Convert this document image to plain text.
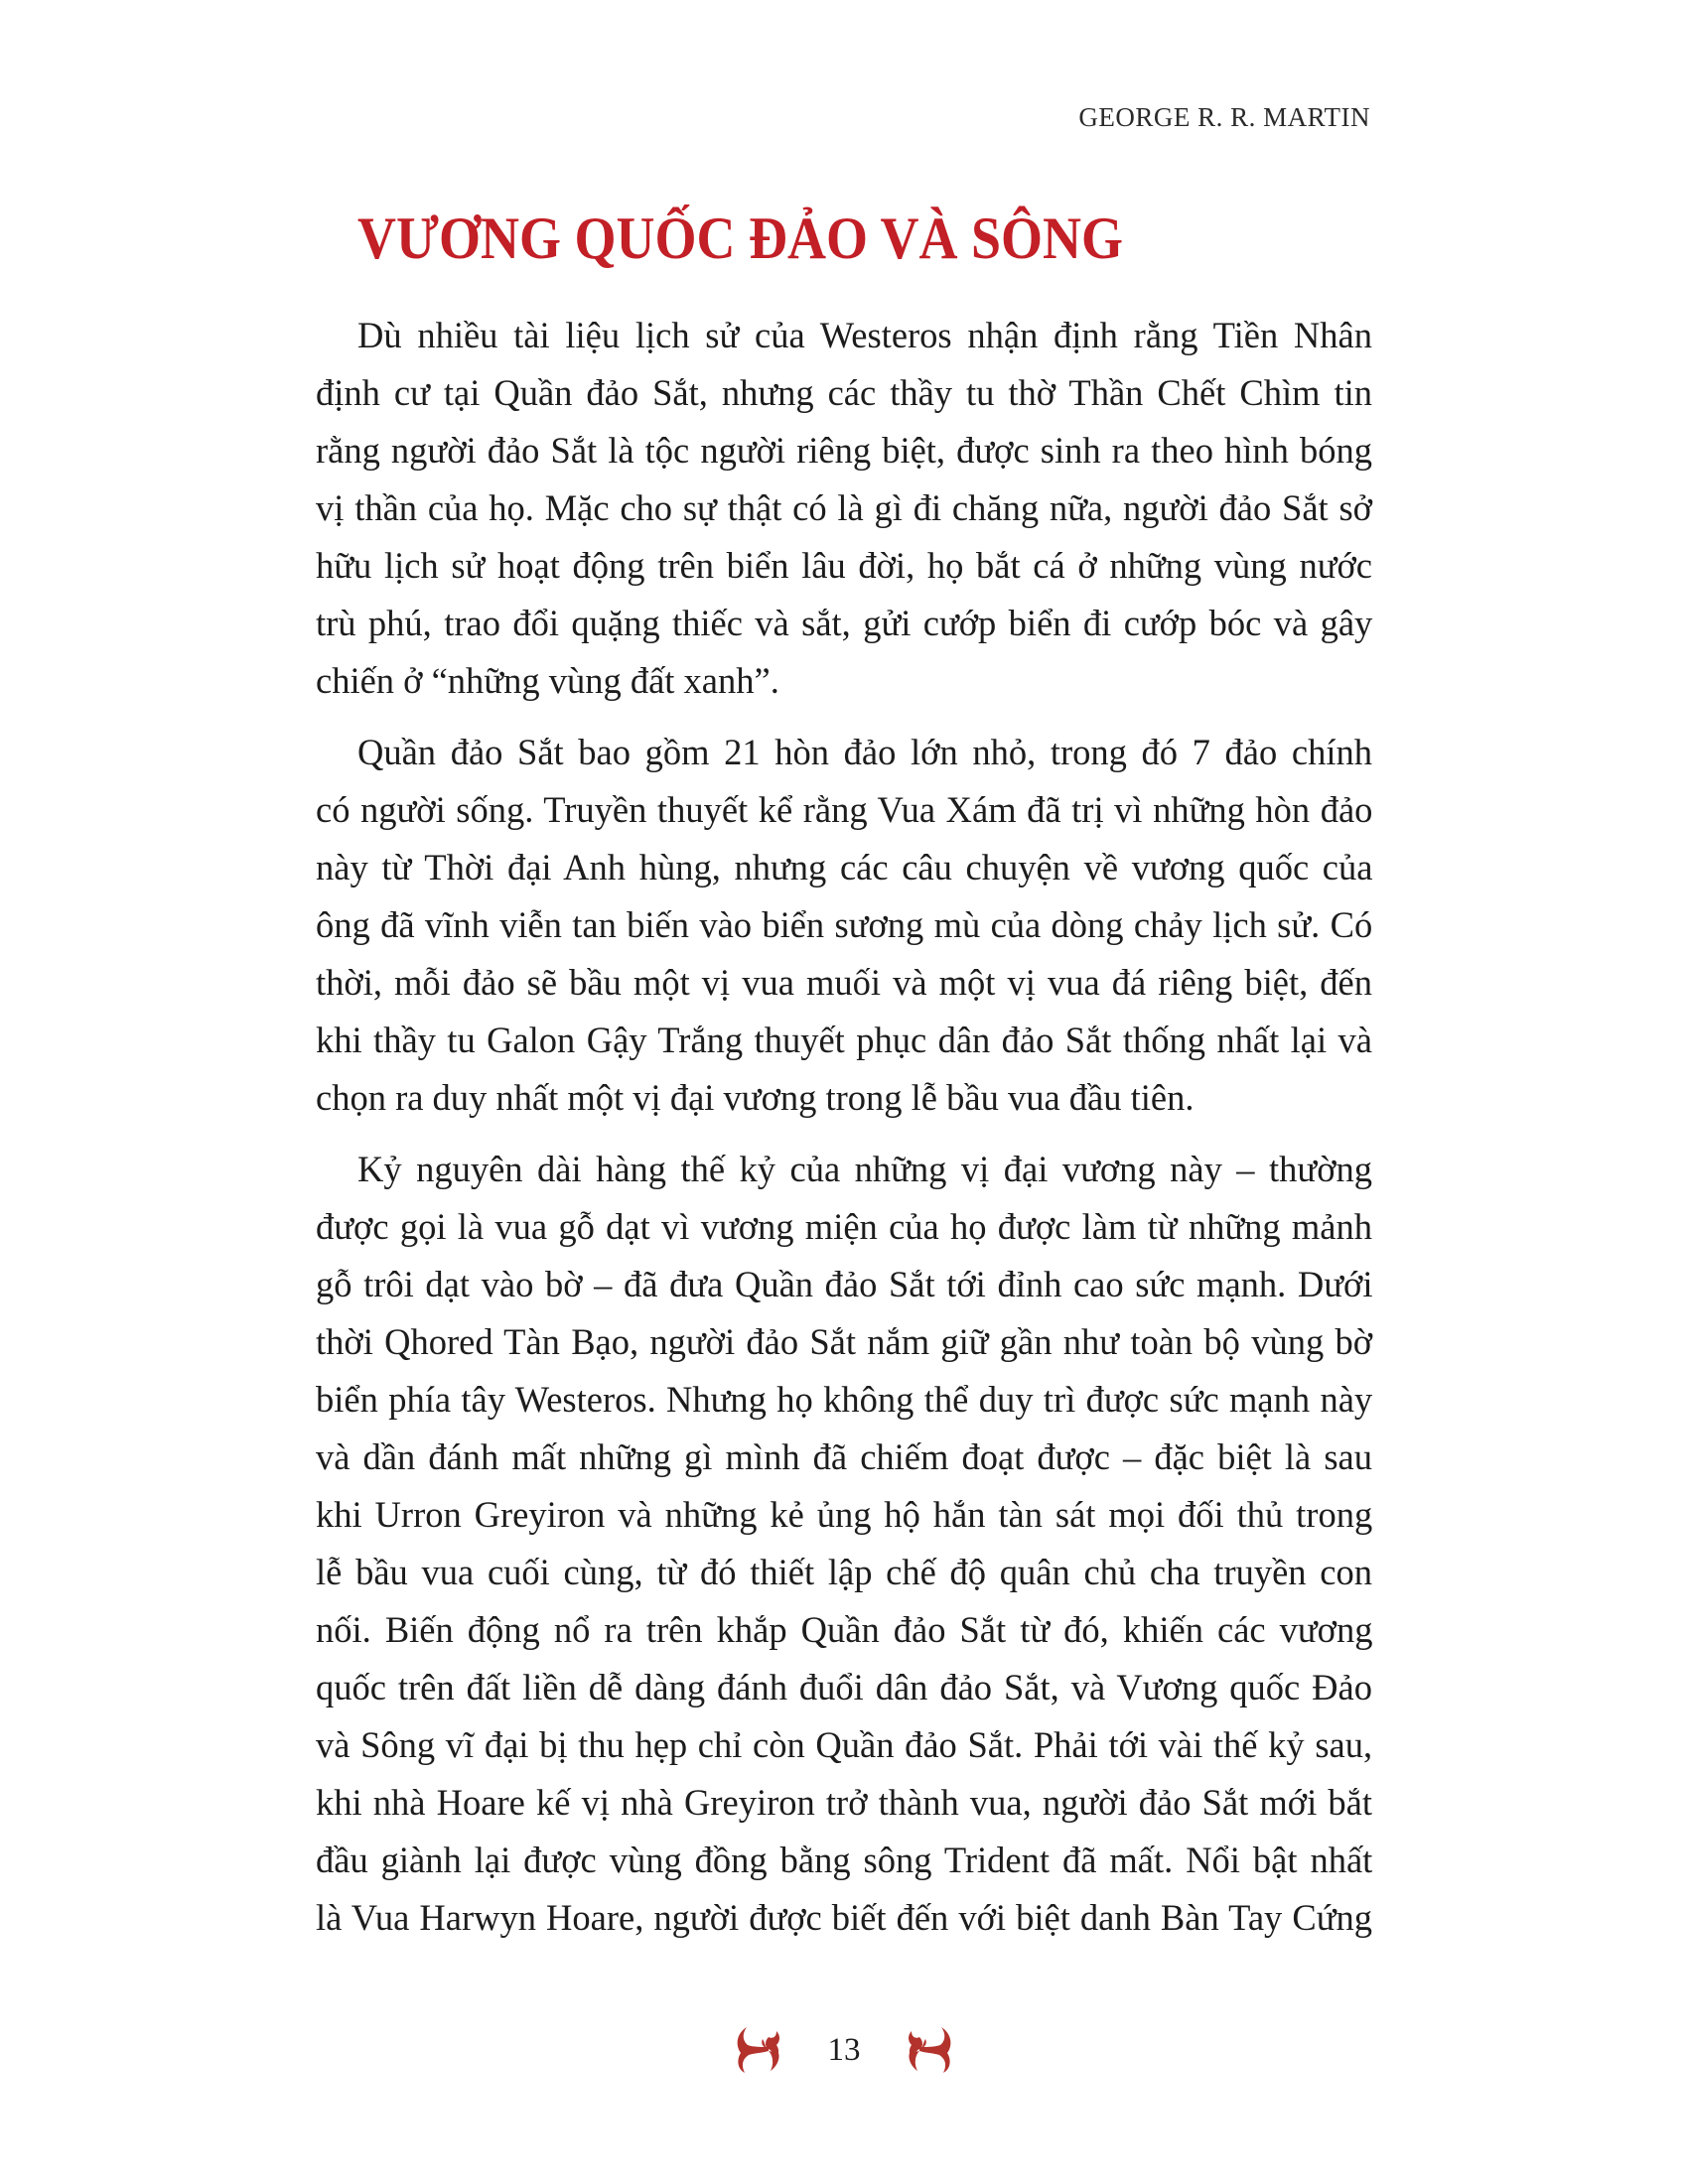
GEORGE R. R. MARTIN
VƯƠNG QUỐC ĐẢO VÀ SÔNG

Dù nhiều tài liệu lịch sử của Westeros nhận định rằng Tiền Nhân
định cư tại Quần đảo Sắt, nhưng các thầy tu thờ Thần Chết Chìm tin
rằng người đảo Sắt là tộc người riêng biệt, được sinh ra theo hình bóng
vị thần của họ. Mặc cho sự thật có là gì đi chăng nữa, người đảo Sắt sở
hữu lịch sử hoạt động trên biển lâu đời, họ bắt cá ở những vùng nước
trù phú, trao đổi quặng thiếc và sắt, gửi cướp biển đi cướp bóc và gây
chiến ở “những vùng đất xanh”.

Quần đảo Sắt bao gồm 21 hòn đảo lớn nhỏ, trong đó 7 đảo chính
có người sống. Truyền thuyết kể rằng Vua Xám đã trị vì những hòn đảo
này từ Thời đại Anh hùng, nhưng các câu chuyện về vương quốc của
ông đã vĩnh viễn tan biến vào biển sương mù của dòng chảy lịch sử. Có
thời, mỗi đảo sẽ bầu một vị vua muối và một vị vua đá riêng biệt, đến
khi thầy tu Galon Gậy Trắng thuyết phục dân đảo Sắt thống nhất lại và
chọn ra duy nhất một vị đại vương trong lễ bầu vua đầu tiên.

Kỷ nguyên dài hàng thế kỷ của những vị đại vương này – thường
được gọi là vua gỗ dạt vì vương miện của họ được làm từ những mảnh
gỗ trôi dạt vào bờ – đã đưa Quần đảo Sắt tới đỉnh cao sức mạnh. Dưới
thời Qhored Tàn Bạo, người đảo Sắt nắm giữ gần như toàn bộ vùng bờ
biển phía tây Westeros. Nhưng họ không thể duy trì được sức mạnh này
và dần đánh mất những gì mình đã chiếm đoạt được – đặc biệt là sau
khi Urron Greyiron và những kẻ ủng hộ hắn tàn sát mọi đối thủ trong
lễ bầu vua cuối cùng, từ đó thiết lập chế độ quân chủ cha truyền con
nối. Biến động nổ ra trên khắp Quần đảo Sắt từ đó, khiến các vương
quốc trên đất liền dễ dàng đánh đuổi dân đảo Sắt, và Vương quốc Đảo
và Sông vĩ đại bị thu hẹp chỉ còn Quần đảo Sắt. Phải tới vài thế kỷ sau,
khi nhà Hoare kế vị nhà Greyiron trở thành vua, người đảo Sắt mới bắt
đầu giành lại được vùng đồng bằng sông Trident đã mất. Nổi bật nhất
là Vua Harwyn Hoare, người được biết đến với biệt danh Bàn Tay Cứng

13
